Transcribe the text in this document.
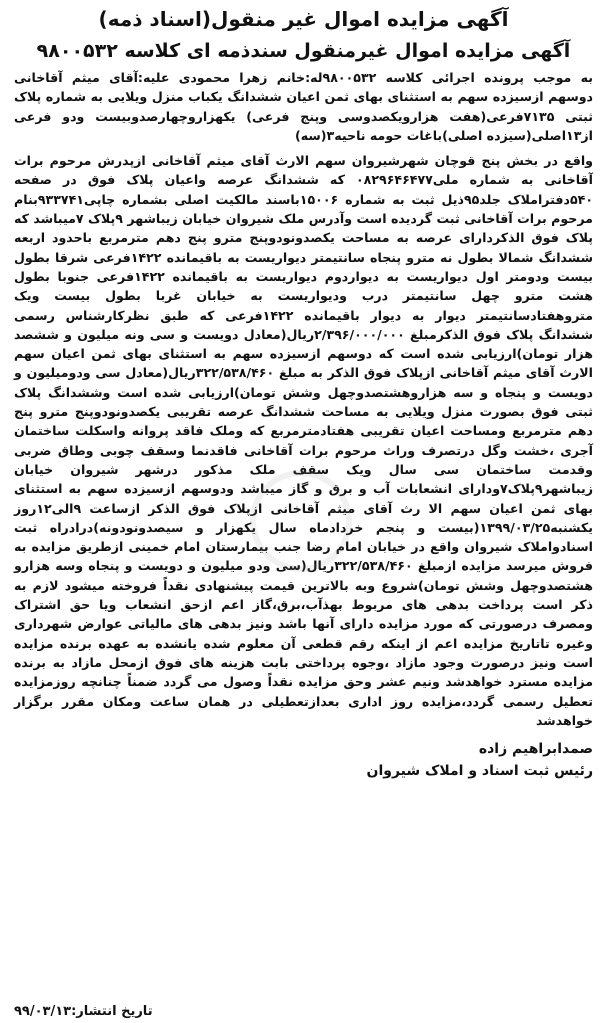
آگهی مزایده اموال غیر منقول(اسناد ذمه)
آگهی مزایده اموال غیرمنقول سندذمه ای کلاسه ۹۸۰۰۵۳۲

به موجب پرونده اجرائی کلاسه ۹۸۰۰۵۳۲له:خانم زهرا محمودی علیه:آقای میثم آقاخانی دوسهم ازسیزده سهم به استثنای بهای ثمن اعیان ششدانگ یکباب منزل ویلایی به شماره پلاک ثبتی ۷۱۳۵فرعی(هفت هزارویکصدوسی وپنج فرعی) یکهزاروچهارصدوبیست ودو فرعی از۱۳اصلی(سیزده اصلی)باغات حومه ناحیه۳(سه)

واقع در بخش پنج قوچان شهرشیروان سهم الارث آقای میثم آقاخانی ازپدرش مرحوم برات آقاخانی به شماره ملی۰۸۲۹۶۴۶۴۷۷ که ششدانگ عرصه واعیان پلاک فوق در صفحه ۵۴۰دفتراملاک جلد۹۵ذیل ثبت به شماره ۱۵۰۰۶باسند مالکیت اصلی بشماره چاپی۹۳۳۷۴۱بنام مرحوم برات آقاخانی ثبت گردیده است وآدرس ملک شیروان خیابان زیباشهر ۹پلاک ۷میباشد که پلاک فوق الذکردارای عرصه به مساحت یکصدونودوپنج مترو پنج دهم مترمربع باحدود اربعه ششدانگ شمالا بطول نه مترو پنجاه سانتیمتر دیواریست به باقیمانده ۱۴۲۲فرعی شرقا بطول بیست ودومتر اول دیواریست به دیواردوم دیواریست به باقیمانده ۱۴۲۲فرعی جنوبا بطول هشت مترو چهل سانتیمتر درب ودیواریست به خیابان غربا بطول بیست ویک متروهفتادسانتیمتر دیوار به دیوار باقیمانده ۱۴۲۲فرعی که طبق نظرکارشناس رسمی ششدانگ پلاک فوق الذکرمبلغ ۲/۳۹۶/۰۰۰/۰۰۰ریال(معادل دویست و سی ونه میلیون و ششصد هزار تومان)ارزیابی شده است که دوسهم ازسیزده سهم به استثنای بهای ثمن اعیان سهم الارث آقای میثم آقاخانی ازپلاک فوق الذکر به مبلغ ۳۲۲/۵۳۸/۴۶۰ریال(معادل سی ودومیلیون و دویست و پنجاه و سه هزاروهشتصدوچهل وشش تومان)ارزیابی شده است وششدانگ پلاک ثبتی فوق بصورت منزل ویلایی به مساحت ششدانگ عرصه تقریبی یکصدونودوپنج مترو پنج دهم مترمربع ومساحت اعیان تقریبی هفتادمترمربع که وملک فاقد پروانه واسکلت ساختمان آجری ،خشت وگل درتصرف وراث مرحوم برات آقاخانی فاقدنما وسقف چوبی وطاق ضربی وقدمت ساختمان سی سال ویک سقف ملک مذکور درشهر شیروان خیابان زیباشهر۹پلاک۷ودارای انشعابات آب و برق و گاز میباشد ودوسهم ازسیزده سهم به استثنای بهای ثمن اعیان سهم الا رث آقای میثم آقاخانی ازپلاک فوق الذکر ازساعت ۹الی۱۲روز یکشنبه۱۳۹۹/۰۳/۲۵(بیست و پنجم خردادماه سال یکهزار و سیصدونودونه)درادراه ثبت اسنادواملاک شیروان واقع در خیابان امام رضا جنب بیمارستان امام خمینی ازطریق مزایده به فروش میرسد مزایده ازمبلغ ۳۲۲/۵۳۸/۴۶۰ریال(سی ودو میلیون و دویست و پنجاه وسه هزارو هشتصدوچهل وشش تومان)شروع وبه بالاترین قیمت پیشنهادی نقداً فروخته میشود لازم به ذکر است پرداخت بدهی های مربوط بهذآب،برق،گاز اعم ازحق انشعاب ویا حق اشتراک ومصرف درصورتی که مورد مزایده دارای آنها باشد ونیز بدهی های مالیاتی عوارض شهرداری وغیره تاتاریخ مزایده اعم از اینکه رقم قطعی آن معلوم شده یانشده به عهده برنده مزایده است ونیز درصورت وجود مازاد ،وجوه پرداختی بابت هزینه های فوق ازمحل مازاد به برنده مزایده مسترد خواهدشد ونیم عشر وحق مزایده نقداً وصول می گردد ضمناً چنانچه روزمزایده تعطیل رسمی گردد،مزایده روز اداری بعدازتعطیلی در همان ساعت ومکان مقرر برگزار خواهدشد

صمدابراهیم زاده
رئیس ثبت اسناد و املاک شیروان
تاریخ انتشار:۹۹/۰۳/۱۳
